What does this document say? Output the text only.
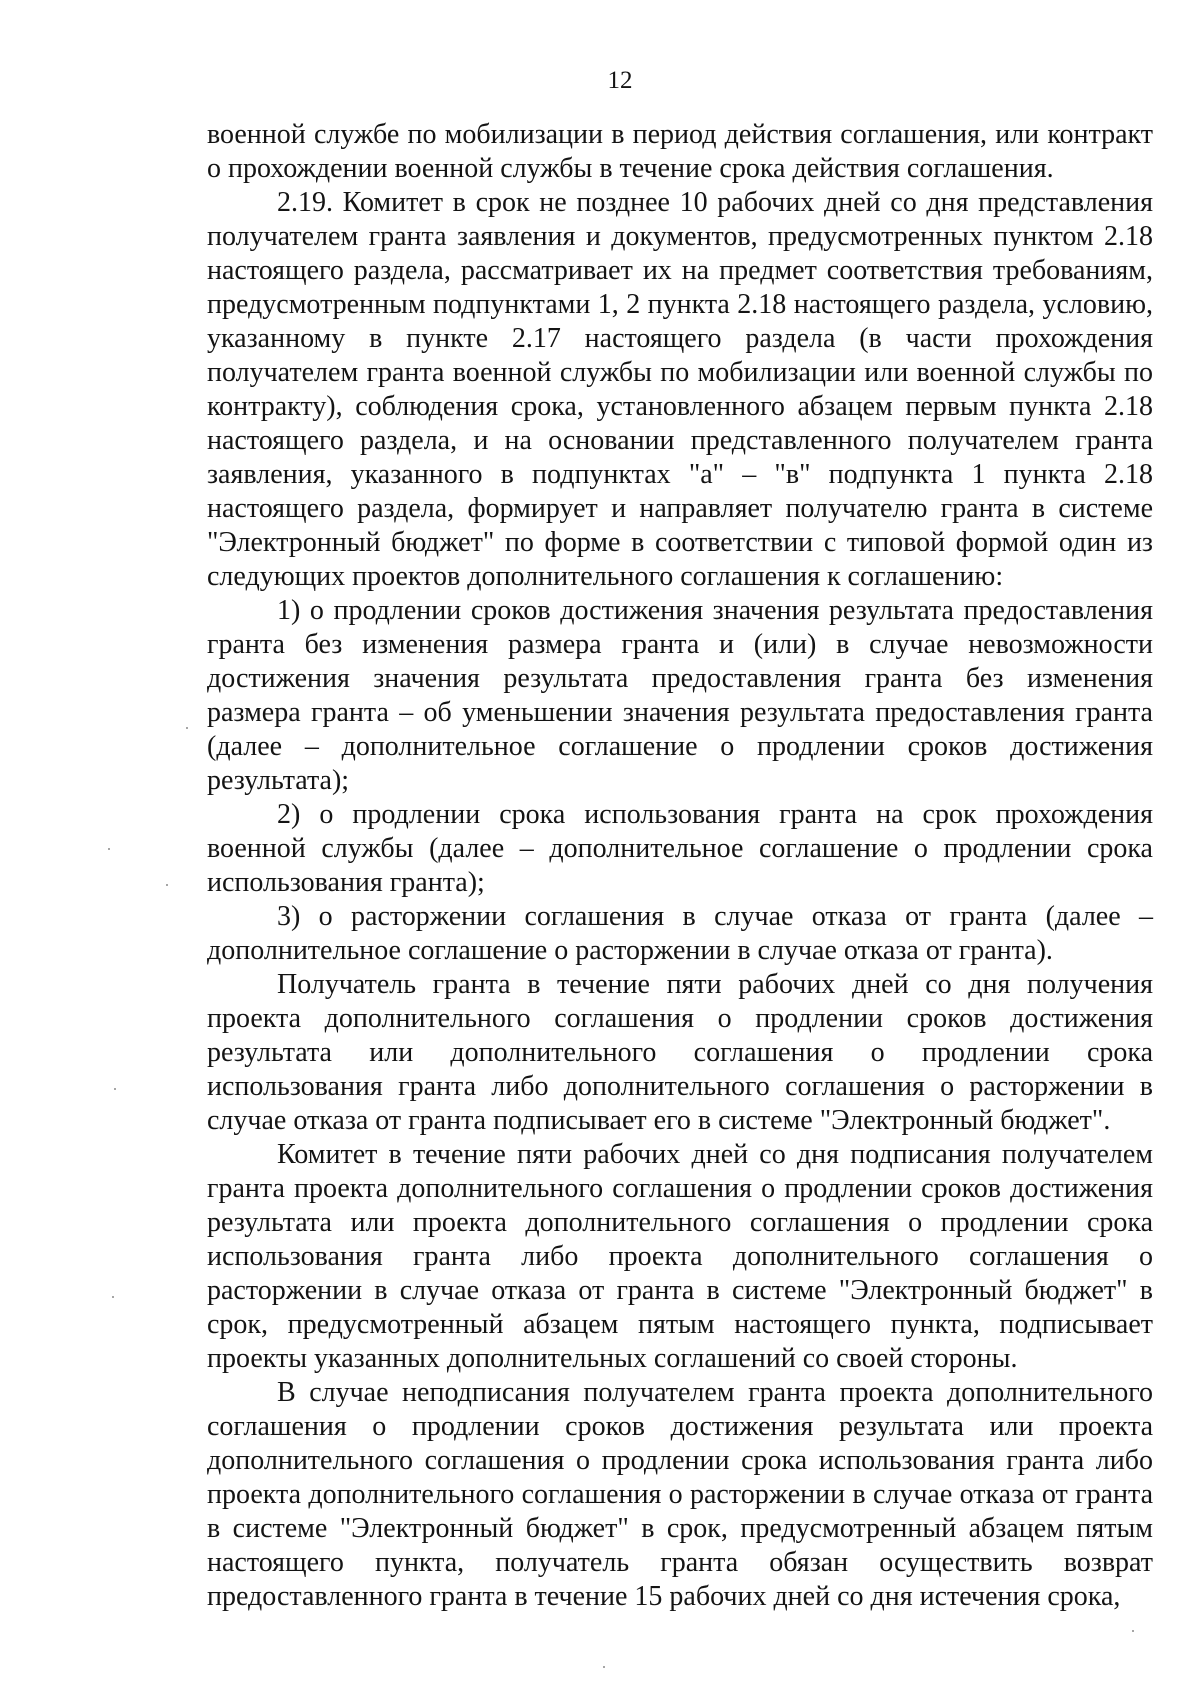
12

военной службе по мобилизации в период действия соглашения, или контракт о прохождении военной службы в течение срока действия соглашения.

2.19. Комитет в срок не позднее 10 рабочих дней со дня представления получателем гранта заявления и документов, предусмотренных пунктом 2.18 настоящего раздела, рассматривает их на предмет соответствия требованиям, предусмотренным подпунктами 1, 2 пункта 2.18 настоящего раздела, условию, указанному в пункте 2.17 настоящего раздела (в части прохождения получателем гранта военной службы по мобилизации или военной службы по контракту), соблюдения срока, установленного абзацем первым пункта 2.18 настоящего раздела, и на основании представленного получателем гранта заявления, указанного в подпунктах "а" – "в" подпункта 1 пункта 2.18 настоящего раздела, формирует и направляет получателю гранта в системе "Электронный бюджет" по форме в соответствии с типовой формой один из следующих проектов дополнительного соглашения к соглашению:

1) о продлении сроков достижения значения результата предоставления гранта без изменения размера гранта и (или) в случае невозможности достижения значения результата предоставления гранта без изменения размера гранта – об уменьшении значения результата предоставления гранта (далее – дополнительное соглашение о продлении сроков достижения результата);

2) о продлении срока использования гранта на срок прохождения военной службы (далее – дополнительное соглашение о продлении срока использования гранта);

3) о расторжении соглашения в случае отказа от гранта (далее – дополнительное соглашение о расторжении в случае отказа от гранта).

Получатель гранта в течение пяти рабочих дней со дня получения проекта дополнительного соглашения о продлении сроков достижения результата или дополнительного соглашения о продлении срока использования гранта либо дополнительного соглашения о расторжении в случае отказа от гранта подписывает его в системе "Электронный бюджет".

Комитет в течение пяти рабочих дней со дня подписания получателем гранта проекта дополнительного соглашения о продлении сроков достижения результата или проекта дополнительного соглашения о продлении срока использования гранта либо проекта дополнительного соглашения о расторжении в случае отказа от гранта в системе "Электронный бюджет" в срок, предусмотренный абзацем пятым настоящего пункта, подписывает проекты указанных дополнительных соглашений со своей стороны.

В случае неподписания получателем гранта проекта дополнительного соглашения о продлении сроков достижения результата или проекта дополнительного соглашения о продлении срока использования гранта либо проекта дополнительного соглашения о расторжении в случае отказа от гранта в системе "Электронный бюджет" в срок, предусмотренный абзацем пятым настоящего пункта, получатель гранта обязан осуществить возврат предоставленного гранта в течение 15 рабочих дней со дня истечения срока,
